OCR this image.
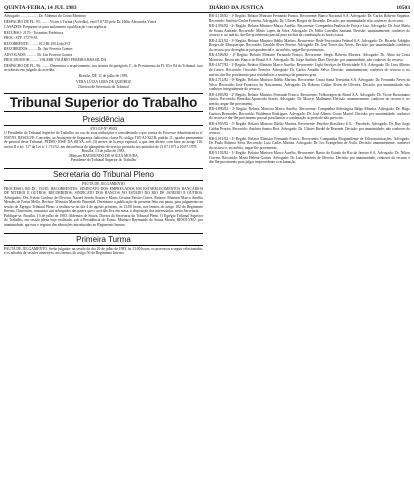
QUINTA-FEIRA, 14 JUL 1983	DIÁRIO DA JUSTIÇA	10503

Advogado: .................. Dr. Aldemar do Couto Monteiro

DESPACHO DE FL. 95: ........ Vistos à Turma (Acórdão), em 07.07.83 pelo Dr. Hélio Alexandre Vieira.

CASADOS: Preparem-se para andamento a publicação com urgência.

RECURSO: 2179 - Tocantins Prefeitura

PROC: STF. 37579 83

RECORRENTE: ........ 10.2 RI.100.Ltda.Fl.T

RECORRIDOS: ........ Dr. Jair Ferreira Gomes

ADVOGADO: .......... Dr. Jair Ferreira Gomes

PROCURADOR: ........ VALMIR VALÉRIO PEREIRA BRASIL DA

DESPACHO DE FL. 96: ........ Determino o arquivamento, nos termos do parágrafo 2º, do Provimento da Fl. 83 e 84 do Tribunal, face ao trânsito em julgado do acórdão.

Brasília, DF, 11 de julho de 1983.

VERA LÚCIA LIMA DE QUEIROZ

Diretora de Secretaria do Tribunal

Tribunal Superior do Trabalho
Presidência
ATO GP-N° 89/83
O Presidente do Tribunal Superior do Trabalho, no uso de suas atribuições e considerando o que consta do Processo Administrativo nº 0567/83, RESOLVE: Conceder, ao Assistente de Segurança Judiciária, classe B, código TST-AJ-322.B, padrão 11, quadro permanente de pessoal deste Tribunal, PEDRO JOSÉ DA SILVA, três (3) meses de licença especial, a que tem direito com base no artigo 116, inciso II e art. 117 da Lei nº 1.711/52, em decorrência do qüinqüênio de serviço prestado nos períodos de 21.07.1973 a 20.07.1978.
Brasília, 13 de julho de 1983.
Ministro RAYMUNDO DE SOUZA MOURA
Presidente do Tribunal Superior do Trabalho
Secretaria do Tribunal Pleno
PAUTA DE JULGAMENTO
PROCESSO: RO-DC 153/83. RECORRENTES: SINDICATO DOS EMPREGADOS EM ESTABELECIMENTOS BANCÁRIOS DE NITERÓI E OUTROS. RECORRIDOS: SINDICATO DOS BANCOS NO ESTADO DO RIO DE JANEIRO E OUTROS. Advogados: Drs. Edson Cardoso de Oliveira, Nazaré Serrão Soares e Maria Cristina Paixão Côrtes. Relator: Ministro Marco Aurélio Mendes de Farias Mello. Revisor: Ministro Marcelo Pimentel. Determino a publicação do presente feito em pauta, para julgamento na sessão do Egrégio Tribunal Pleno, a realizar-se no dia 4 de agosto próximo, às 13:00 horas, nos termos do artigo 182 do Regimento Interno. Outrossim, comunico aos advogados das partes que o acórdão fica em mesa, à disposição dos interessados, nesta Secretaria.
Publique-se. Brasília, 13 de julho de 1983. Aldemiro de Souza, Diretor da Secretaria do Tribunal Pleno. O Egrégio Tribunal Superior do Trabalho, em sessão plena hoje realizada, sob a Presidência do Exmo. Ministro Raymundo de Souza Moura, RESOLVEU: por unanimidade, aprovar o registro das alterações introduzidas no Regimento Interno.
Primeira Turma
PAUTA DE JULGAMENTO. Serão julgados na sessão do dia 20 de julho de 1983, às 13:00 horas, os processos a seguir relacionados, e os adiados de sessões anteriores, nos termos do artigo 56 do Regimento Interno.

RR-4.118/82 - 1ª Região. Relator Ministro Fernando Franco. Recorrente: Banco Nacional S.A. Advogado: Dr. Carlos Roberto Siqueira. Recorrido: Antônio Carlos Ferreira. Advogado: Dr. Ulisses Borges de Resende. Decisão: por unanimidade, não conhecer do recurso.

RR-4.392/82 - 2ª Região. Relator Ministro Marco Aurélio. Recorrente: Companhia Paulista de Força e Luz. Advogado: Dr. José Maria de Souza Andrade. Recorrido: Mário Lopes da Silva. Advogado: Dr. Hélio Carvalho Santana. Decisão: unanimemente, conhecer do recurso e, no mérito, dar-lhe provimento parcial para excluir da condenação as horas extras.

RR-4.421/82 - 3ª Região. Relator Ministro Ildélio Martins. Recorrente: Rede Ferroviária Federal S.A. Advogado: Dr. Ricardo Adolpho Borges de Albuquerque. Recorrido: Geraldo Alves Pereira. Advogado: Dr. José Torres das Neves. Decisão: por unanimidade, conhecer do recurso por divergência jurisprudencial e, no mérito, negar-lhe provimento.

RR-4.506/82 - 4ª Região. Relator Ministro Fernando Franco. Recorrente: Sérgio Roberto Moreira. Advogado: Dr. Alino da Costa Monteiro. Recorrido: Banco do Brasil S.A. Advogado: Dr. Jorge Antônio Dias. Decisão: por unanimidade, não conhecer do recurso.

RR-4.677/82 - 1ª Região. Relator Ministro Marco Aurélio. Recorrente: Light Serviços de Eletricidade S.A. Advogado: Dr. Lino Alberto de Castro. Recorrido: Oswaldo Teixeira. Advogado: Dr. Carlos Arnaldo Selva. Decisão: unanimemente, conhecer do recurso e, no mérito, dar-lhe provimento para restabelecer a sentença de primeiro grau.

RR-4.712/82 - 6ª Região. Relator Ministro Ildélio Martins. Recorrente: Usina Santa Teresinha S.A. Advogado: Dr. Fernando Neves da Silva. Recorrido: José Francisco do Nascimento. Advogado: Dr. Roberto Caldas Alvim de Oliveira. Decisão: por unanimidade, não conhecer integralmente do recurso.

RR-4.803/82 - 2ª Região. Relator Ministro Fernando Franco. Recorrente: Volkswagen do Brasil S.A. Advogado: Dr. Victor Russomano Júnior. Recorrido: Benedito Aparecido Soares. Advogado: Dr. Moacyr Mallmann. Decisão: unanimemente, conhecer do recurso e, no mérito, negar-lhe provimento.

RR-4.890/82 - 3ª Região. Relator Ministro Marco Aurélio. Recorrente: Companhia Siderúrgica Belgo-Mineira. Advogado: Dr. Hugo Gueiros Bernardes. Recorrido: Waldemar Rodrigues. Advogado: Dr. José Alberto Couto Maciel. Decisão: por unanimidade, conhecer do recurso e dar-lhe provimento parcial para limitar a condenação ao período não prescrito.

RR-4.955/82 - 5ª Região. Relator Ministro Ildélio Martins. Recorrente: Petróleo Brasileiro S.A. - Petrobrás. Advogado: Dr. Ruy Jorge Caldas Pereira. Recorrido: Antônio Santos Reis. Advogado: Dr. Ulisses Riedel de Resende. Decisão: por unanimidade, não conhecer do recurso.

RR-5.011/82 - 4ª Região. Relator Ministro Fernando Franco. Recorrente: Companhia Riograndense de Telecomunicações. Advogado: Dr. Paulo Roberto Silva. Recorrido: Luiz Carlos Martins. Advogado: Dr. Ivo Evangelista de Ávila. Decisão: unanimemente, conhecer do recurso e, no mérito, negar-lhe provimento.

RR-5.102/82 - 1ª Região. Relator Ministro Marco Aurélio. Recorrente: Banco do Estado do Rio de Janeiro S.A. Advogado: Dr. Nilton Correia. Recorrido: Maria Helena Gomes. Advogado: Dr. Luiz Antônio de Oliveira. Decisão: por unanimidade, conhecer do recurso e dar-lhe provimento para julgar improcedente a reclamação.
